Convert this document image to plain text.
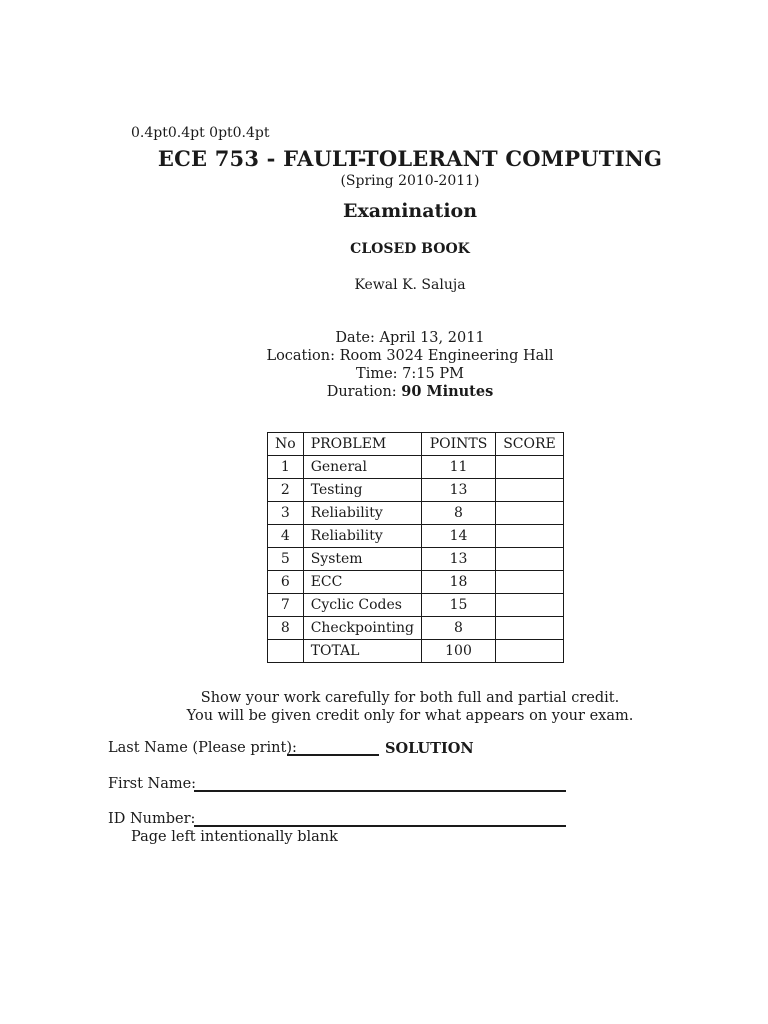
0.4pt0.4pt 0pt0.4pt
ECE 753 - FAULT-TOLERANT COMPUTING
(Spring 2010-2011)
Examination
CLOSED BOOK
Kewal K. Saluja
Date: April 13, 2011
Location: Room 3024 Engineering Hall
Time: 7:15 PM
Duration: 90 Minutes
No	PROBLEM	POINTS	SCORE
1	General	11	
2	Testing	13	
3	Reliability	8	
4	Reliability	14	
5	System	13	
6	ECC	18	
7	Cyclic Codes	15	
8	Checkpointing	8	
	TOTAL	100	
Show your work carefully for both full and partial credit.
You will be given credit only for what appears on your exam.
Last Name (Please print):	SOLUTION
First Name:
ID Number:
Page left intentionally blank
